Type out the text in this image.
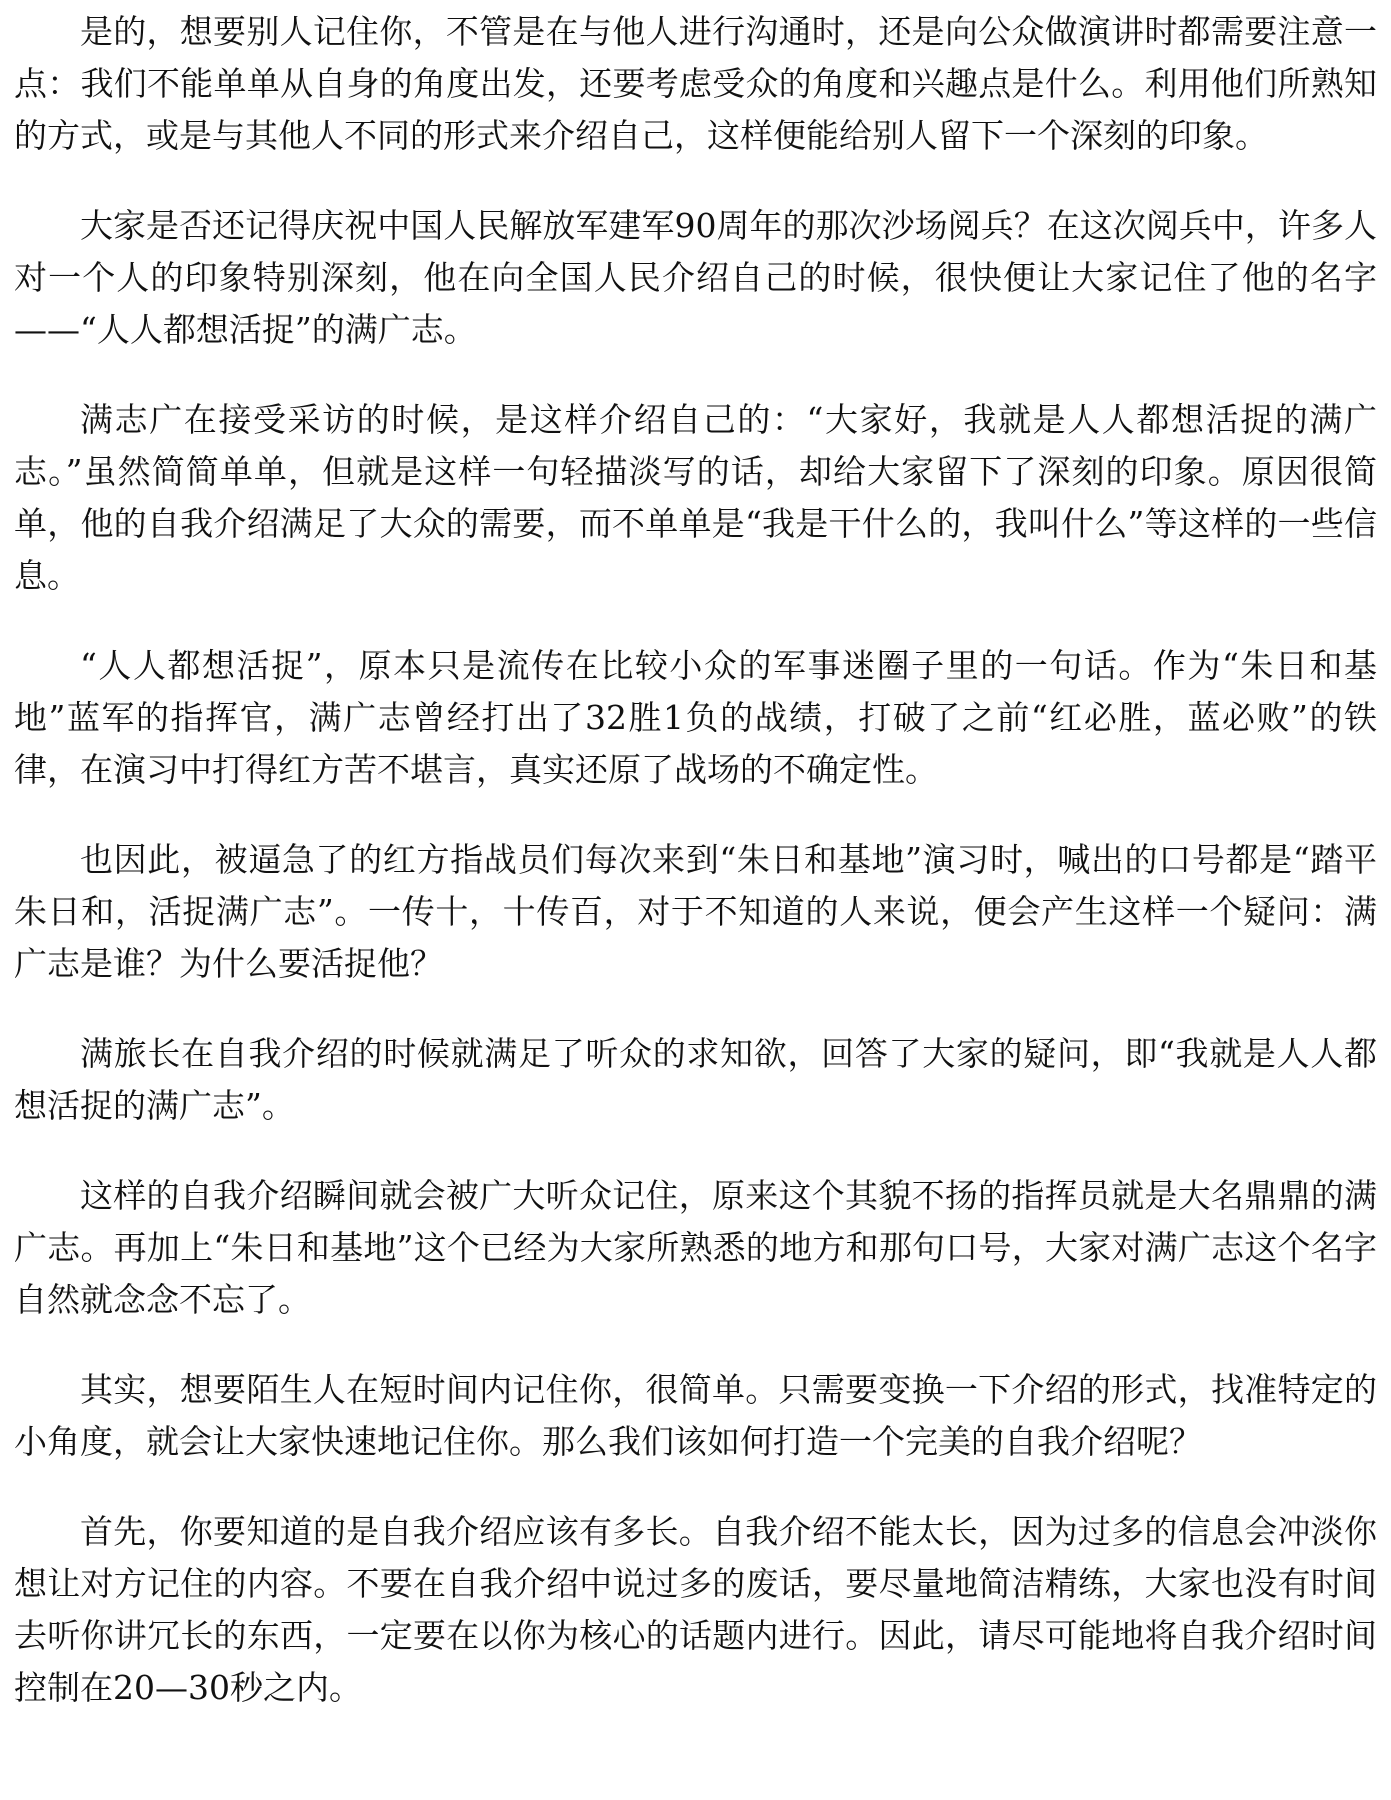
是的，想要别人记住你，不管是在与他人进行沟通时，还是向公众做演讲时都需要注意一点：我们不能单单从自身的角度出发，还要考虑受众的角度和兴趣点是什么。利用他们所熟知的方式，或是与其他人不同的形式来介绍自己，这样便能给别人留下一个深刻的印象。

大家是否还记得庆祝中国人民解放军建军90周年的那次沙场阅兵？在这次阅兵中，许多人对一个人的印象特别深刻，他在向全国人民介绍自己的时候，很快便让大家记住了他的名字——“人人都想活捉”的满广志。

满志广在接受采访的时候，是这样介绍自己的：“大家好，我就是人人都想活捉的满广志。”虽然简简单单，但就是这样一句轻描淡写的话，却给大家留下了深刻的印象。原因很简单，他的自我介绍满足了大众的需要，而不单单是“我是干什么的，我叫什么”等这样的一些信息。

“人人都想活捉”，原本只是流传在比较小众的军事迷圈子里的一句话。作为“朱日和基地”蓝军的指挥官，满广志曾经打出了32胜1负的战绩，打破了之前“红必胜，蓝必败”的铁律，在演习中打得红方苦不堪言，真实还原了战场的不确定性。

也因此，被逼急了的红方指战员们每次来到“朱日和基地”演习时，喊出的口号都是“踏平朱日和，活捉满广志”。一传十，十传百，对于不知道的人来说，便会产生这样一个疑问：满广志是谁？为什么要活捉他？

满旅长在自我介绍的时候就满足了听众的求知欲，回答了大家的疑问，即“我就是人人都想活捉的满广志”。

这样的自我介绍瞬间就会被广大听众记住，原来这个其貌不扬的指挥员就是大名鼎鼎的满广志。再加上“朱日和基地”这个已经为大家所熟悉的地方和那句口号，大家对满广志这个名字自然就念念不忘了。

其实，想要陌生人在短时间内记住你，很简单。只需要变换一下介绍的形式，找准特定的小角度，就会让大家快速地记住你。那么我们该如何打造一个完美的自我介绍呢？

首先，你要知道的是自我介绍应该有多长。自我介绍不能太长，因为过多的信息会冲淡你想让对方记住的内容。不要在自我介绍中说过多的废话，要尽量地简洁精练，大家也没有时间去听你讲冗长的东西，一定要在以你为核心的话题内进行。因此，请尽可能地将自我介绍时间控制在20—30秒之内。
